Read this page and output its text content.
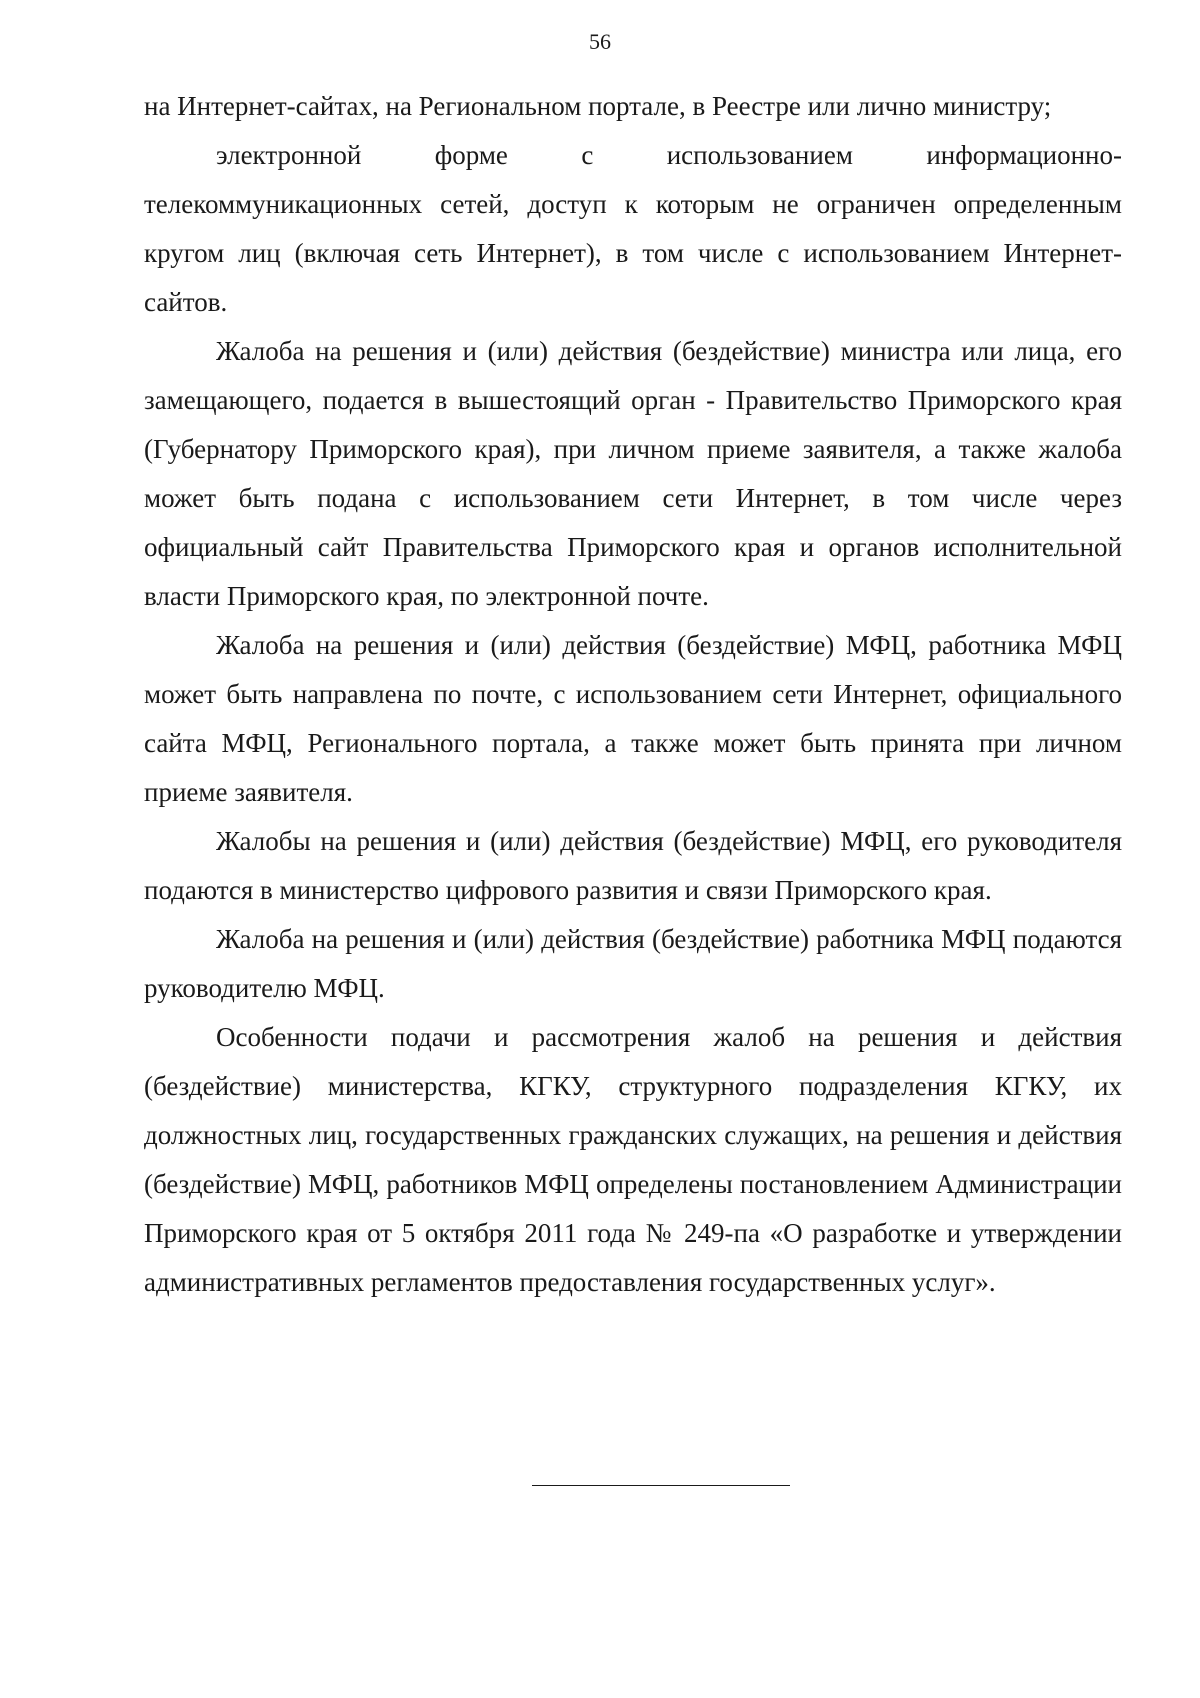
56

на Интернет-сайтах, на Региональном портале, в Реестре или лично министру;

электронной форме с использованием информационно-телекоммуникационных сетей, доступ к которым не ограничен определенным кругом лиц (включая сеть Интернет), в том числе с использованием Интернет-сайтов.

Жалоба на решения и (или) действия (бездействие) министра или лица, его замещающего, подается в вышестоящий орган - Правительство Приморского края (Губернатору Приморского края), при личном приеме заявителя, а также жалоба может быть подана с использованием сети Интернет, в том числе через официальный сайт Правительства Приморского края и органов исполнительной власти Приморского края, по электронной почте.

Жалоба на решения и (или) действия (бездействие) МФЦ, работника МФЦ может быть направлена по почте, с использованием сети Интернет, официального сайта МФЦ, Регионального портала, а также может быть принята при личном приеме заявителя.

Жалобы на решения и (или) действия (бездействие) МФЦ, его руководителя подаются в министерство цифрового развития и связи Приморского края.

Жалоба на решения и (или) действия (бездействие) работника МФЦ подаются руководителю МФЦ.

Особенности подачи и рассмотрения жалоб на решения и действия (бездействие) министерства, КГКУ, структурного подразделения КГКУ, их должностных лиц, государственных гражданских служащих, на решения и действия (бездействие) МФЦ, работников МФЦ определены постановлением Администрации Приморского края от 5 октября 2011 года № 249-па «О разработке и утверждении административных регламентов предоставления государственных услуг».
